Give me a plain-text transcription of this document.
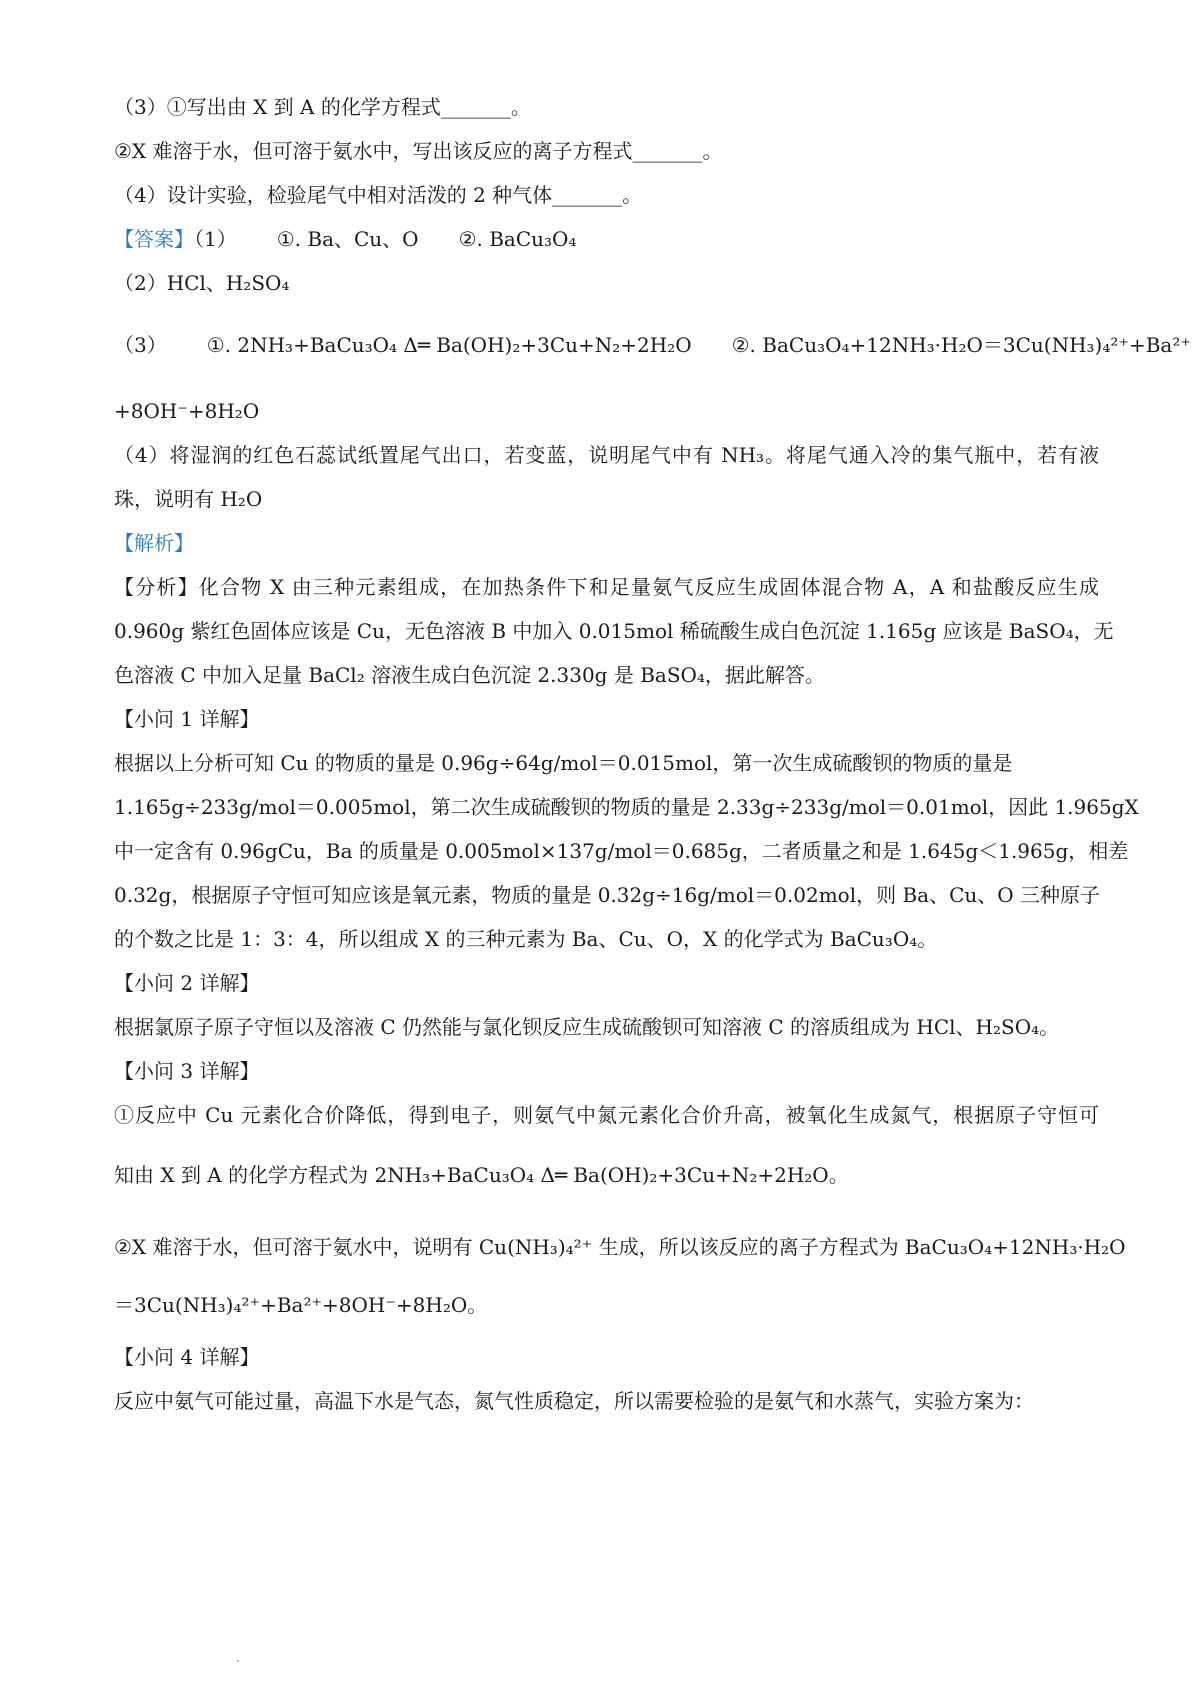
（3）①写出由 X 到 A 的化学方程式_______。
②X 难溶于水，但可溶于氨水中，写出该反应的离子方程式_______。
（4）设计实验，检验尾气中相对活泼的 2 种气体_______。
【答案】（1） ①. Ba、Cu、O ②. BaCu₃O₄
（2）HCl、H₂SO₄
（3） ①. 2NH₃+BaCu₃O₄ Δ═ Ba(OH)₂+3Cu+N₂+2H₂O ②. BaCu₃O₄+12NH₃·H₂O＝3Cu(NH₃)₄²⁺+Ba²⁺
+8OH⁻+8H₂O
（4）将湿润的红色石蕊试纸置尾气出口，若变蓝，说明尾气中有 NH₃。将尾气通入冷的集气瓶中，若有液
珠，说明有 H₂O
【解析】
【分析】化合物 X 由三种元素组成，在加热条件下和足量氨气反应生成固体混合物 A，A 和盐酸反应生成
0.960g 紫红色固体应该是 Cu，无色溶液 B 中加入 0.015mol 稀硫酸生成白色沉淀 1.165g 应该是 BaSO₄，无
色溶液 C 中加入足量 BaCl₂ 溶液生成白色沉淀 2.330g 是 BaSO₄，据此解答。
【小问 1 详解】
根据以上分析可知 Cu 的物质的量是 0.96g÷64g/mol＝0.015mol，第一次生成硫酸钡的物质的量是
1.165g÷233g/mol＝0.005mol，第二次生成硫酸钡的物质的量是 2.33g÷233g/mol＝0.01mol，因此 1.965gX
中一定含有 0.96gCu，Ba 的质量是 0.005mol×137g/mol＝0.685g，二者质量之和是 1.645g＜1.965g，相差
0.32g，根据原子守恒可知应该是氧元素，物质的量是 0.32g÷16g/mol＝0.02mol，则 Ba、Cu、O 三种原子
的个数之比是 1：3：4，所以组成 X 的三种元素为 Ba、Cu、O，X 的化学式为 BaCu₃O₄。
【小问 2 详解】
根据氯原子原子守恒以及溶液 C 仍然能与氯化钡反应生成硫酸钡可知溶液 C 的溶质组成为 HCl、H₂SO₄。
【小问 3 详解】
①反应中 Cu 元素化合价降低，得到电子，则氨气中氮元素化合价升高，被氧化生成氮气，根据原子守恒可
知由 X 到 A 的化学方程式为 2NH₃+BaCu₃O₄ Δ═ Ba(OH)₂+3Cu+N₂+2H₂O。
②X 难溶于水，但可溶于氨水中，说明有 Cu(NH₃)₄²⁺ 生成，所以该反应的离子方程式为 BaCu₃O₄+12NH₃·H₂O
＝3Cu(NH₃)₄²⁺+Ba²⁺+8OH⁻+8H₂O。
【小问 4 详解】
反应中氨气可能过量，高温下水是气态，氮气性质稳定，所以需要检验的是氨气和水蒸气，实验方案为：
